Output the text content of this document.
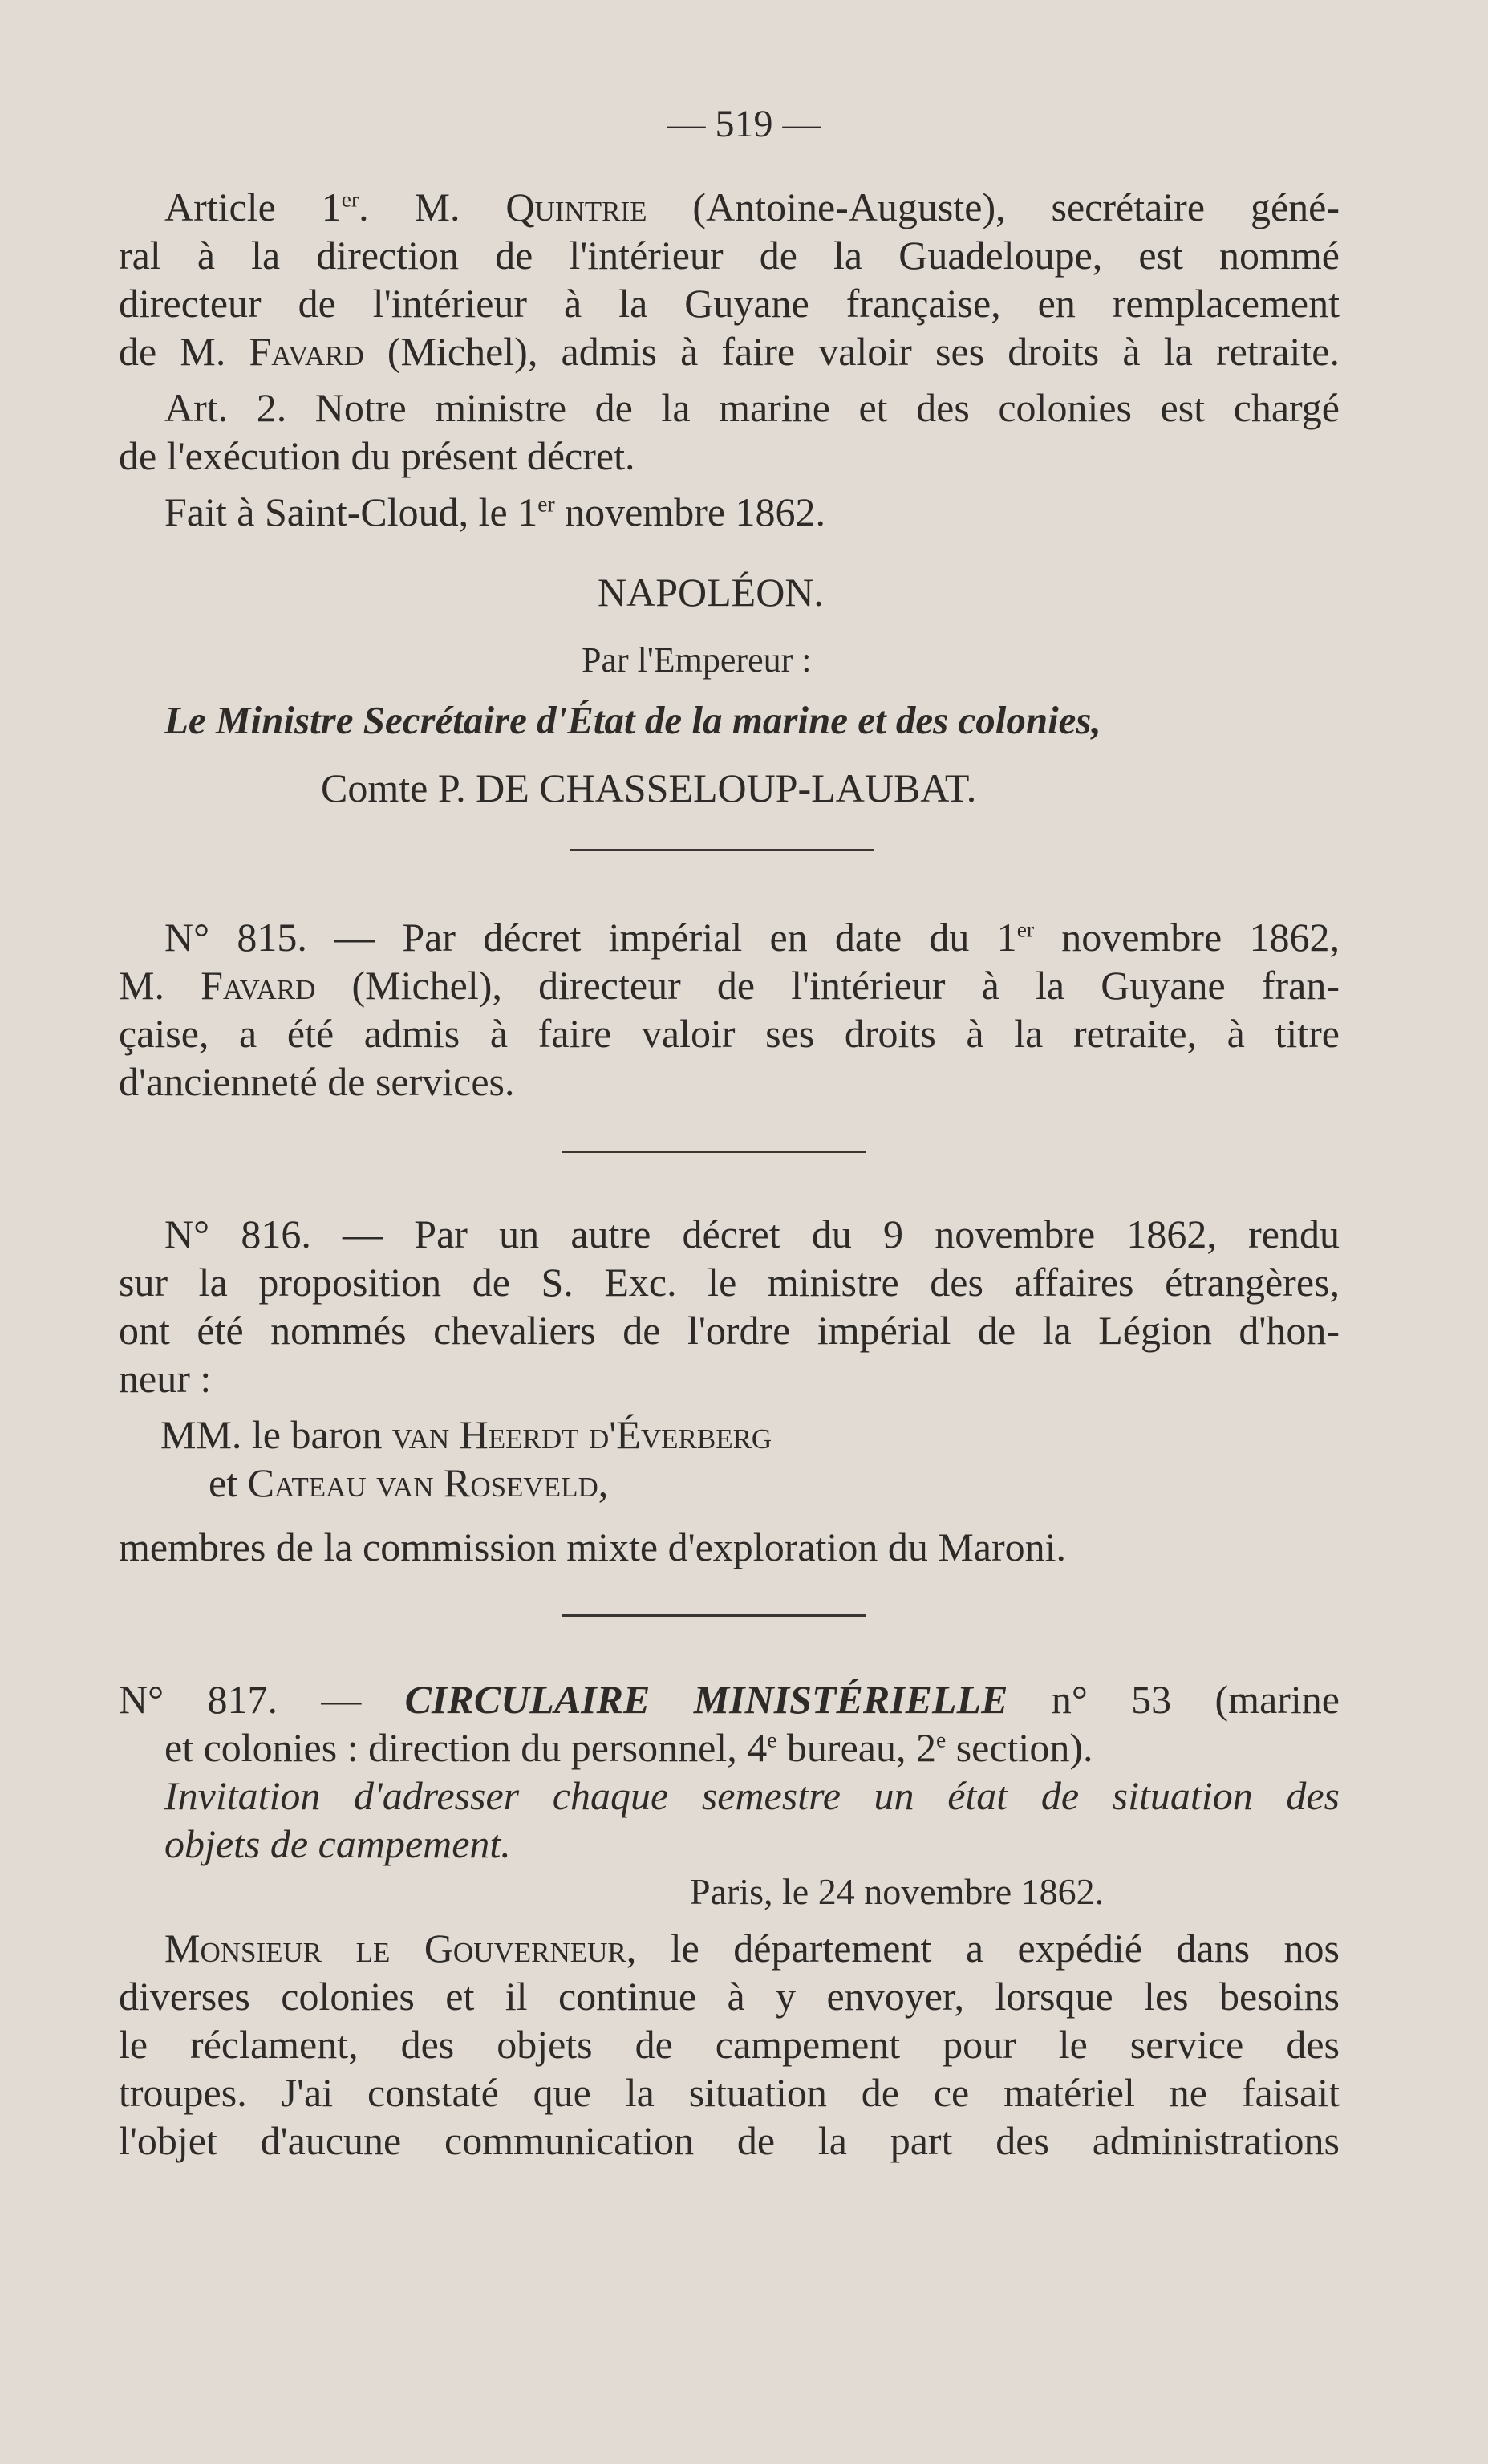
— 519 —
Article 1er. M. Quintrie (Antoine-Auguste), secrétaire géné-
ral à la direction de l'intérieur de la Guadeloupe, est nommé
directeur de l'intérieur à la Guyane française, en remplacement
de M. Favard (Michel), admis à faire valoir ses droits à la retraite.
Art. 2. Notre ministre de la marine et des colonies est chargé
de l'exécution du présent décret.
Fait à Saint-Cloud, le 1er novembre 1862.
NAPOLÉON.
Par l'Empereur :
Le Ministre Secrétaire d'État de la marine et des colonies,
Comte P. DE CHASSELOUP-LAUBAT.
N° 815. — Par décret impérial en date du 1er novembre 1862,
M. Favard (Michel), directeur de l'intérieur à la Guyane fran-
çaise, a été admis à faire valoir ses droits à la retraite, à titre
d'ancienneté de services.
N° 816. — Par un autre décret du 9 novembre 1862, rendu
sur la proposition de S. Exc. le ministre des affaires étrangères,
ont été nommés chevaliers de l'ordre impérial de la Légion d'hon-
neur :
MM. le baron van Heerdt d'Éverberg
et Cateau van Roseveld,
membres de la commission mixte d'exploration du Maroni.
N° 817. — CIRCULAIRE MINISTÉRIELLE n° 53 (marine
et colonies : direction du personnel, 4e bureau, 2e section).
Invitation d'adresser chaque semestre un état de situation des
objets de campement.
Paris, le 24 novembre 1862.
Monsieur le Gouverneur, le département a expédié dans nos
diverses colonies et il continue à y envoyer, lorsque les besoins
le réclament, des objets de campement pour le service des
troupes. J'ai constaté que la situation de ce matériel ne faisait
l'objet d'aucune communication de la part des administrations
